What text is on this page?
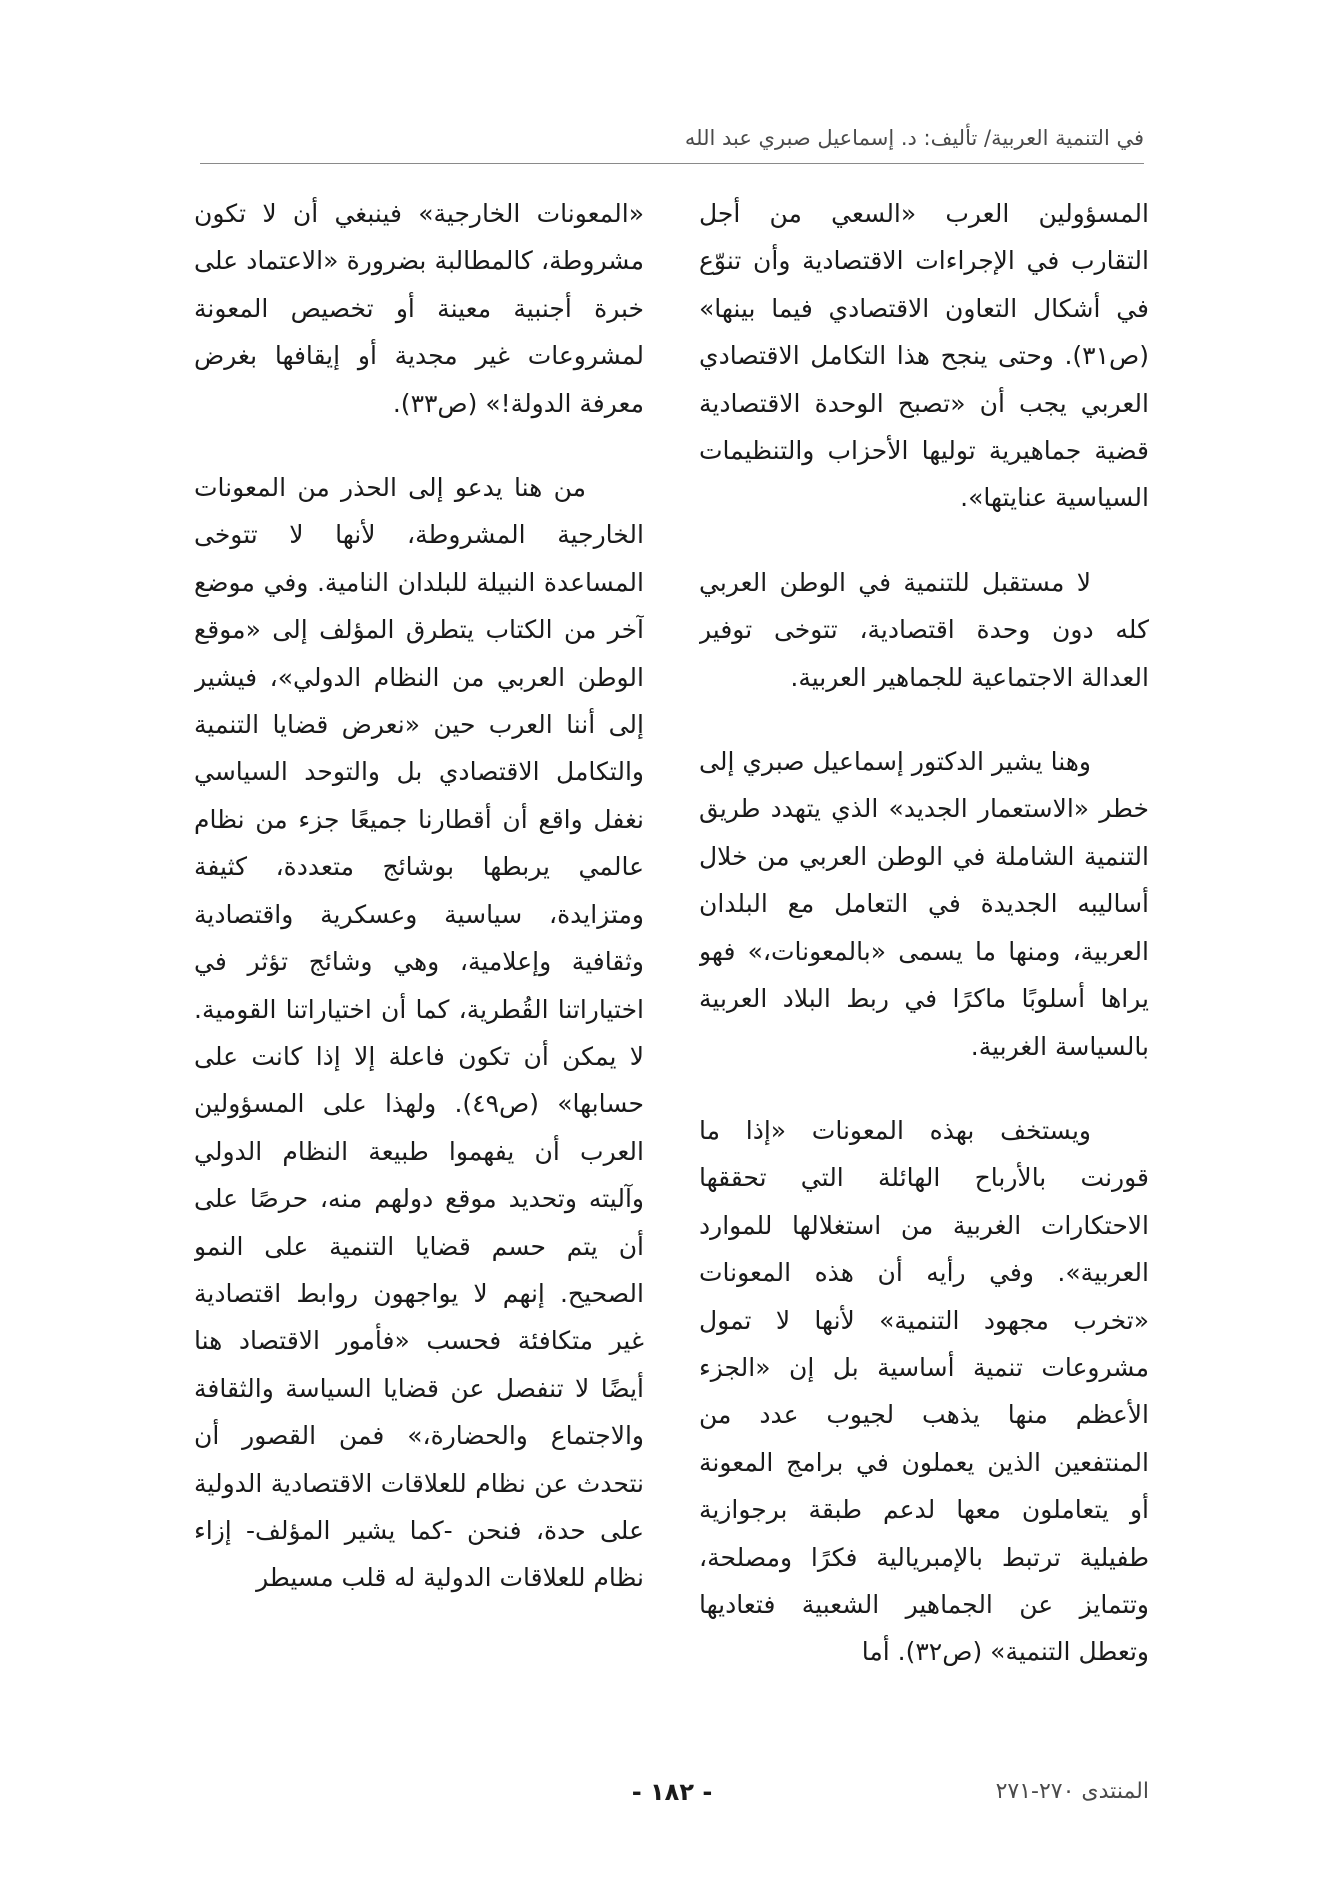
في التنمية العربية/ تأليف: د. إسماعيل صبري عبد الله

المسؤولين العرب «السعي من أجل التقارب في الإجراءات الاقتصادية وأن تنوّع في أشكال التعاون الاقتصادي فيما بينها» (ص٣١). وحتى ينجح هذا التكامل الاقتصادي العربي يجب أن «تصبح الوحدة الاقتصادية قضية جماهيرية توليها الأحزاب والتنظيمات السياسية عنايتها».

لا مستقبل للتنمية في الوطن العربي كله دون وحدة اقتصادية، تتوخى توفير العدالة الاجتماعية للجماهير العربية.

وهنا يشير الدكتور إسماعيل صبري إلى خطر «الاستعمار الجديد» الذي يتهدد طريق التنمية الشاملة في الوطن العربي من خلال أساليبه الجديدة في التعامل مع البلدان العربية، ومنها ما يسمى «بالمعونات،» فهو يراها أسلوبًا ماكرًا في ربط البلاد العربية بالسياسة الغربية.

ويستخف بهذه المعونات «إذا ما قورنت بالأرباح الهائلة التي تحققها الاحتكارات الغربية من استغلالها للموارد العربية». وفي رأيه أن هذه المعونات «تخرب مجهود التنمية» لأنها لا تمول مشروعات تنمية أساسية بل إن «الجزء الأعظم منها يذهب لجيوب عدد من المنتفعين الذين يعملون في برامج المعونة أو يتعاملون معها لدعم طبقة برجوازية طفيلية ترتبط بالإمبريالية فكرًا ومصلحة، وتتمايز عن الجماهير الشعبية فتعاديها وتعطل التنمية» (ص٣٢). أما

«المعونات الخارجية» فينبغي أن لا تكون مشروطة، كالمطالبة بضرورة «الاعتماد على خبرة أجنبية معينة أو تخصيص المعونة لمشروعات غير مجدية أو إيقافها بغرض معرفة الدولة!» (ص٣٣).

من هنا يدعو إلى الحذر من المعونات الخارجية المشروطة، لأنها لا تتوخى المساعدة النبيلة للبلدان النامية. وفي موضع آخر من الكتاب يتطرق المؤلف إلى «موقع الوطن العربي من النظام الدولي»، فيشير إلى أننا العرب حين «نعرض قضايا التنمية والتكامل الاقتصادي بل والتوحد السياسي نغفل واقع أن أقطارنا جميعًا جزء من نظام عالمي يربطها بوشائج متعددة، كثيفة ومتزايدة، سياسية وعسكرية واقتصادية وثقافية وإعلامية، وهي وشائج تؤثر في اختياراتنا القُطرية، كما أن اختياراتنا القومية. لا يمكن أن تكون فاعلة إلا إذا كانت على حسابها» (ص٤٩). ولهذا على المسؤولين العرب أن يفهموا طبيعة النظام الدولي وآليته وتحديد موقع دولهم منه، حرصًا على أن يتم حسم قضايا التنمية على النمو الصحيح. إنهم لا يواجهون روابط اقتصادية غير متكافئة فحسب «فأمور الاقتصاد هنا أيضًا لا تنفصل عن قضايا السياسة والثقافة والاجتماع والحضارة،» فمن القصور أن نتحدث عن نظام للعلاقات الاقتصادية الدولية على حدة، فنحن -كما يشير المؤلف- إزاء نظام للعلاقات الدولية له قلب مسيطر

المنتدى ٢٧٠-٢٧١
- ١٨٢ -
